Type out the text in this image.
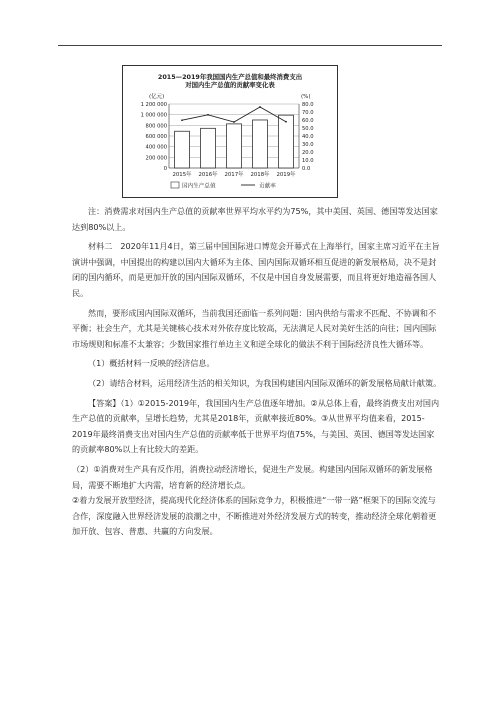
2015—2019年我国国内生产总值和最终消费支出
对国内生产总值的贡献率变化表
(亿元)	(%)
1 200 000
1 000 000
800 000
600 000
400 000
200 000
0
80.0
70.0
60.0
50.0
40.0
30.0
20.0
10.0
0.0
2015年 2016年 2017年 2018年 2019年
国内生产总值	贡献率

注：消费需求对国内生产总值的贡献率世界平均水平约为75%，其中美国、英国、德国等发达国家达到80%以上。

材料二　2020年11月4日，第三届中国国际进口博览会开幕式在上海举行，国家主席习近平在主旨演讲中强调，中国提出的构建以国内大循环为主体、国内国际双循环相互促进的新发展格局，决不是封闭的国内循环，而是更加开放的国内国际双循环，不仅是中国自身发展需要，而且将更好地造福各国人民。

然而，要形成国内国际双循环，当前我国还面临一系列问题：国内供给与需求不匹配、不协调和不平衡；社会生产，尤其是关键核心技术对外依存度比较高，无法满足人民对美好生活的向往；国内国际市场规则和标准不太兼容；少数国家推行单边主义和逆全球化的做法不利于国际经济良性大循环等。

（1）概括材料一反映的经济信息。

（2）请结合材料，运用经济生活的相关知识，为我国构建国内国际双循环的新发展格局献计献策。

【答案】（1）①2015-2019年，我国国内生产总值逐年增加。②从总体上看，最终消费支出对国内生产总值的贡献率，呈增长趋势，尤其是2018年，贡献率接近80%。③从世界平均值来看，2015-2019年最终消费支出对国内生产总值的贡献率低于世界平均值75%，与美国、英国、德国等发达国家的贡献率80%以上有比较大的差距。

（2）①消费对生产具有反作用，消费拉动经济增长，促进生产发展。构建国内国际双循环的新发展格局，需要不断地扩大内需，培育新的经济增长点。

②着力发展开放型经济，提高现代化经济体系的国际竞争力，积极推进“一带一路”框架下的国际交流与合作，深度融入世界经济发展的浪潮之中，不断推进对外经济发展方式的转变，推动经济全球化朝着更加开放、包容、普惠、共赢的方向发展。
